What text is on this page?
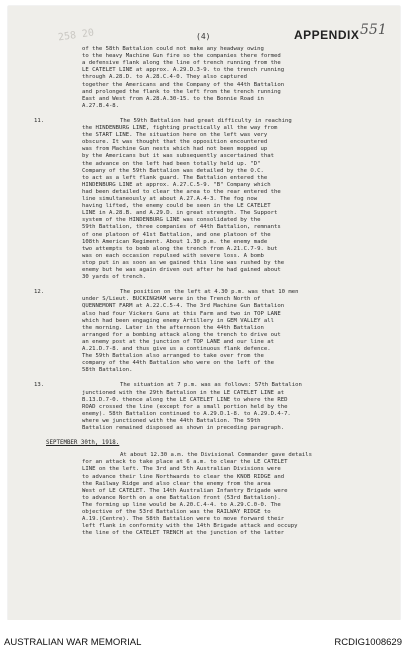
258 20	(4)	APPENDIX 551
of the 58th Battalion could not make any headway owing
to the heavy Machine Gun fire so the companies there formed
a defensive flank along the line of trench running from the
LE CATELET LINE at approx. A.29.D.3-9. to the trench running
through A.28.D. to A.28.C.4-0. They also captured
together the Americans and the Company of the 44th Battalion
and prolonged the flank to the left from the trench running
East and West from A.28.A.30-15. to the Bonnie Road in
A.27.B.4-8.
11.	The 59th Battalion had great difficulty in reaching
the HINDENBURG LINE, fighting practically all the way from
the START LINE. The situation here on the left was very
obscure. It was thought that the opposition encountered
was from Machine Gun nests which had not been mopped up
by the Americans but it was subsequently ascertained that
the advance on the left had been totally held up. "D"
Company of the 59th Battalion was detailed by the O.C.
to act as a left flank guard. The Battalion entered the
HINDENBURG LINE at approx. A.27.C.5-9. "B" Company which
had been detailed to clear the area to the rear entered the
line simultaneously at about A.27.A.4-3. The fog now
having lifted, the enemy could be seen in the LE CATELET
LINE in A.28.B. and A.29.D. in great strength. The Support
system of the HINDENBURG LINE was consolidated by the
59th Battalion, three companies of 44th Battalion, remnants
of one platoon of 41st Battalion, and one platoon of the
108th American Regiment. About 1.30 p.m. the enemy made
two attempts to bomb along the trench from A.21.C.7-9. but
was on each occasion repulsed with severe loss. A bomb
stop put in as soon as we gained this line was rushed by the
enemy but he was again driven out after he had gained about
30 yards of trench.
12.	The position on the left at 4.30 p.m. was that 10 men
under S/Lieut. BUCKINGHAM were in the Trench North of
QUENNEMONT FARM at A.22.C.5-4. The 3rd Machine Gun Battalion
also had four Vickers Guns at this Farm and two in TOP LANE
which had been engaging enemy Artillery in GEM VALLEY all
the morning. Later in the afternoon the 44th Battalion
arranged for a bombing attack along the trench to drive out
an enemy post at the junction of TOP LANE and our line at
A.21.D.7-8. and thus give us a continuous flank defence.
The 59th Battalion also arranged to take over from the
company of the 44th Battalion who were on the left of the
58th Battalion.
13.	The situation at 7 p.m. was as follows: 57th Battalion
junctioned with the 29th Battalion in the LE CATELET LINE at
B.13.D.7-0. thence along the LE CATELET LINE to where the RED
ROAD crossed the line (except for a small portion held by the
enemy). 58th Battalion continued to A.29.D.1-8. to A.29.D.4-7.
where we junctioned with the 44th Battalion. The 59th
Battalion remained disposed as shown in preceding paragraph.
SEPTEMBER 30th, 1918.
At about 12.30 a.m. the Divisional Commander gave details
for an attack to take place at 6 a.m. to clear the LE CATELET
LINE on the left. The 3rd and 5th Australian Divisions were
to advance their line Northwards to clear the KNOB RIDGE and
the Railway Ridge and also clear the enemy from the area
West of LE CATELET. The 14th Australian Infantry Brigade were
to advance North on a one Battalion front (53rd Battalion).
The forming up line would be A.20.C.4-4. to A.29.C.0-0. The
objective of the 53rd Battalion was the RAILWAY RIDGE to
A.19.(Centre). The 58th Battalion were to move forward their
left flank in conformity with the 14th Brigade attack and occupy
the line of the CATELET TRENCH at the junction of the latter
AUSTRALIAN WAR MEMORIAL	RCDIG1008629
